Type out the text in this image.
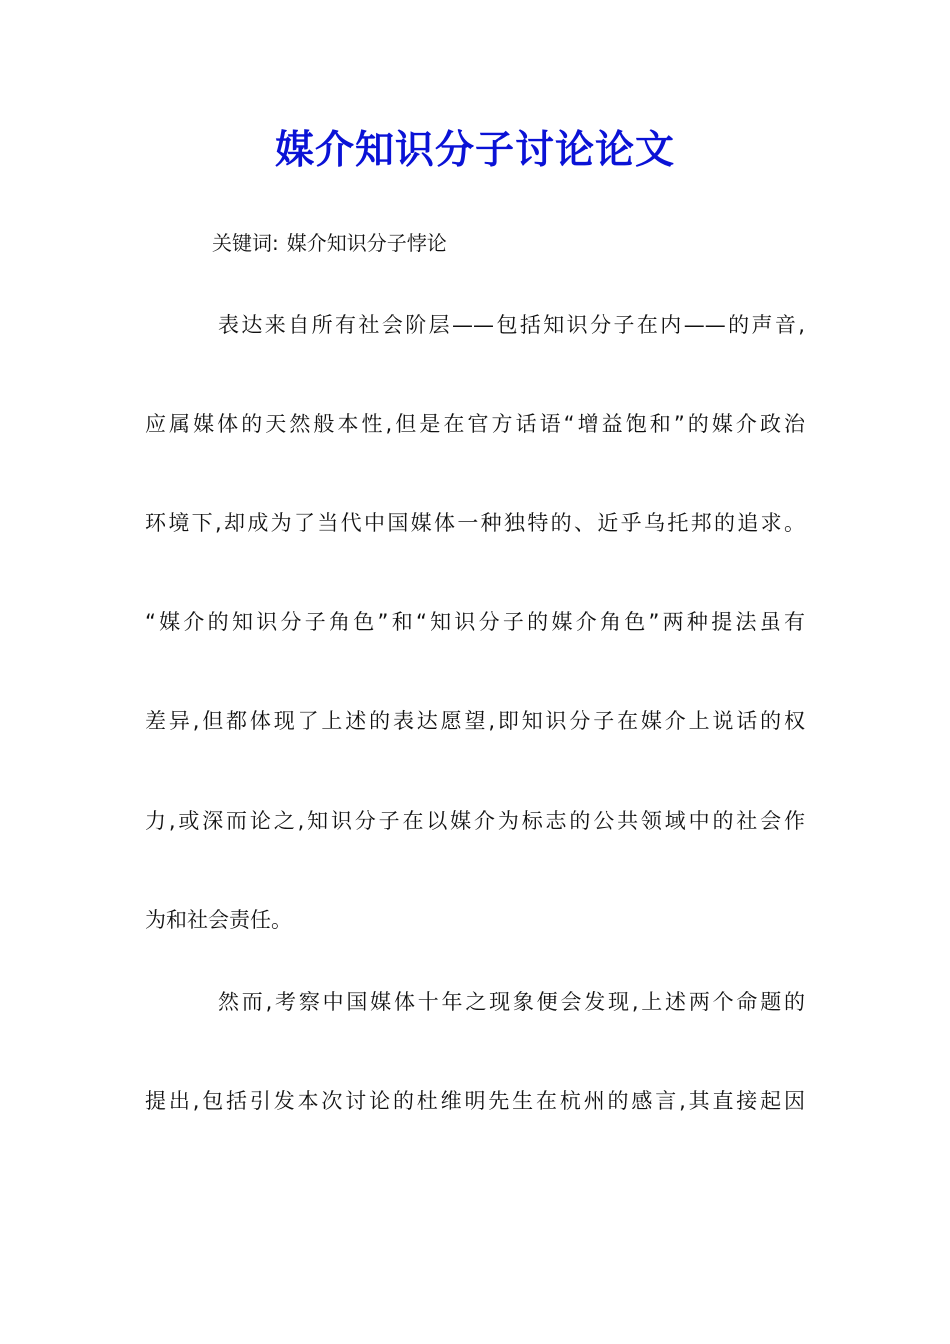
媒介知识分子讨论论文
关键词: 媒介知识分子悖论
表达来自所有社会阶层——包括知识分子在内——的声音,
应属媒体的天然般本性,但是在官方话语“增益饱和”的媒介政治
环境下,却成为了当代中国媒体一种独特的、近乎乌托邦的追求。
“媒介的知识分子角色”和“知识分子的媒介角色”两种提法虽有
差异,但都体现了上述的表达愿望,即知识分子在媒介上说话的权
力,或深而论之,知识分子在以媒介为标志的公共领域中的社会作
为和社会责任。
然而,考察中国媒体十年之现象便会发现,上述两个命题的
提出,包括引发本次讨论的杜维明先生在杭州的感言,其直接起因
